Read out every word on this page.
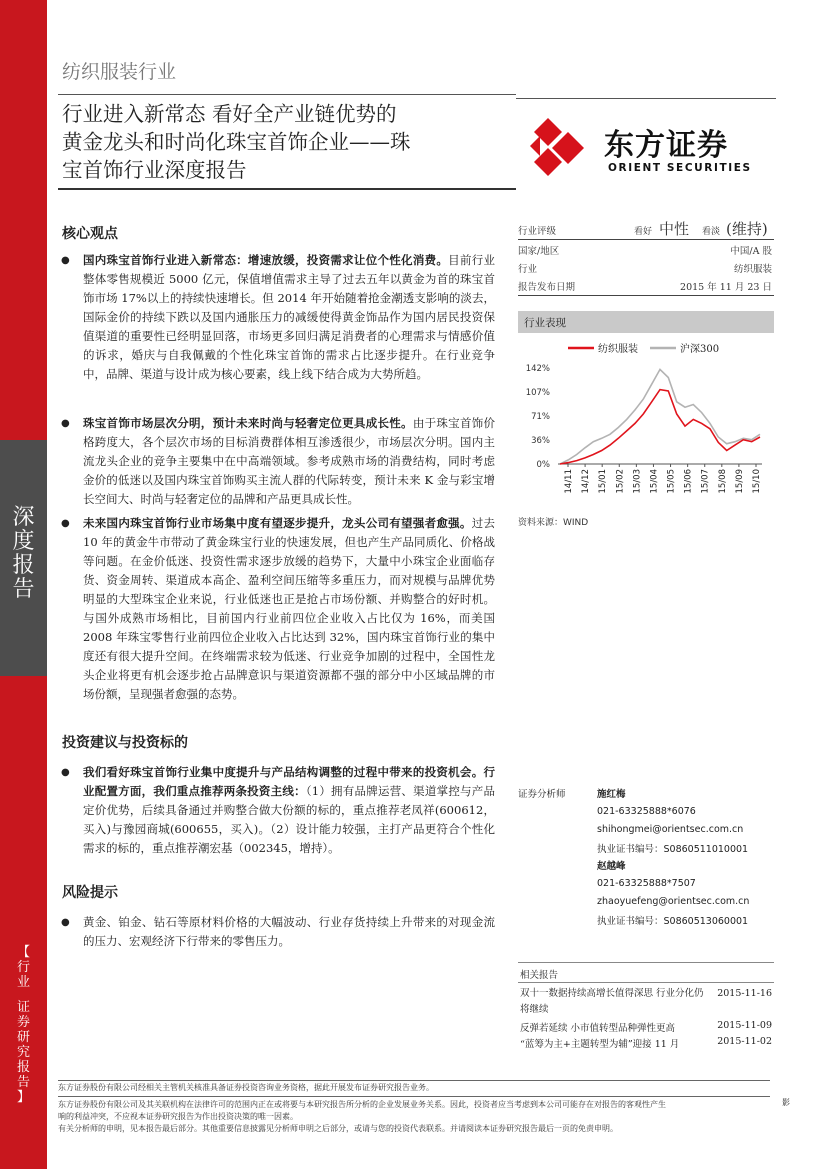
深
度
报
告
【
行
业
证
券
研
究
报
告
】
纺织服装行业
行业进入新常态 看好全产业链优势的
黄金龙头和时尚化珠宝首饰企业——珠
宝首饰行业深度报告
东方证券
ORIENT SECURITIES
核心观点
● 国内珠宝首饰行业进入新常态：增速放缓，投资需求让位个性化消费。目前行业整体零售规模近 5000 亿元，保值增值需求主导了过去五年以黄金为首的珠宝首饰市场 17%以上的持续快速增长。但 2014 年开始随着抢金潮透支影响的淡去，国际金价的持续下跌以及国内通胀压力的减缓使得黄金饰品作为国内居民投资保值渠道的重要性已经明显回落，市场更多回归满足消费者的心理需求与情感价值的诉求，婚庆与自我佩戴的个性化珠宝首饰的需求占比逐步提升。在行业竞争中，品牌、渠道与设计成为核心要素，线上线下结合成为大势所趋。
● 珠宝首饰市场层次分明，预计未来时尚与轻奢定位更具成长性。由于珠宝首饰价格跨度大，各个层次市场的目标消费群体相互渗透很少，市场层次分明。国内主流龙头企业的竞争主要集中在中高端领域。参考成熟市场的消费结构，同时考虑金价的低迷以及国内珠宝首饰购买主流人群的代际转变，预计未来 K 金与彩宝增长空间大、时尚与轻奢定位的品牌和产品更具成长性。
● 未来国内珠宝首饰行业市场集中度有望逐步提升，龙头公司有望强者愈强。过去 10 年的黄金牛市带动了黄金珠宝行业的快速发展，但也产生产品同质化、价格战等问题。在金价低迷、投资性需求逐步放缓的趋势下，大量中小珠宝企业面临存货、资金周转、渠道成本高企、盈利空间压缩等多重压力，而对规模与品牌优势明显的大型珠宝企业来说，行业低迷也正是抢占市场份额、并购整合的好时机。与国外成熟市场相比，目前国内行业前四位企业收入占比仅为 16%，而美国 2008 年珠宝零售行业前四位企业收入占比达到 32%，国内珠宝首饰行业的集中度还有很大提升空间。在终端需求较为低迷、行业竞争加剧的过程中，全国性龙头企业将更有机会逐步抢占品牌意识与渠道资源都不强的部分中小区域品牌的市场份额，呈现强者愈强的态势。
投资建议与投资标的
● 我们看好珠宝首饰行业集中度提升与产品结构调整的过程中带来的投资机会。行业配置方面，我们重点推荐两条投资主线：（1）拥有品牌运营、渠道掌控与产品定价优势，后续具备通过并购整合做大份额的标的，重点推荐老凤祥(600612，买入)与豫园商城(600655，买入)。（2）设计能力较强，主打产品更符合个性化需求的标的，重点推荐潮宏基（002345，增持）。
风险提示
● 黄金、铂金、钻石等原材料价格的大幅波动、行业存货持续上升带来的对现金流的压力、宏观经济下行带来的零售压力。
行业评级	看好 中性 看淡 (维持)
国家/地区	中国/A 股
行业	纺织服装
报告发布日期	2015 年 11 月 23 日
行业表现
纺织服装	沪深300
0%
36%
71%
107%
142%
14/11 14/12 15/01 15/02 15/03 15/04 15/05 15/06 15/07 15/08 15/09 15/10
资料来源：WIND
证券分析师	施红梅
021-63325888*6076
shihongmei@orientsec.com.cn
执业证书编号：S0860511010001
赵越峰
021-63325888*7507
zhaoyuefeng@orientsec.com.cn
执业证书编号：S0860513060001
相关报告
双十一数据持续高增长值得深思 行业分化仍将继续
2015-11-16
反弹若延续 小市值转型品种弹性更高	2015-11-09
“蓝筹为主+主题转型为辅”迎接 11 月	2015-11-02
东方证券股份有限公司经相关主管机关核准具备证券投资咨询业务资格，据此开展发布证券研究报告业务。
东方证券股份有限公司及其关联机构在法律许可的范围内正在或将要与本研究报告所分析的企业发展业务关系。因此，投资者应当考虑到本公司可能存在对报告的客观性产生
响的利益冲突，不应视本证券研究报告为作出投资决策的唯一因素。
有关分析师的申明，见本报告最后部分。其他重要信息披露见分析师申明之后部分，或请与您的投资代表联系。并请阅读本证券研究报告最后一页的免责申明。
影
